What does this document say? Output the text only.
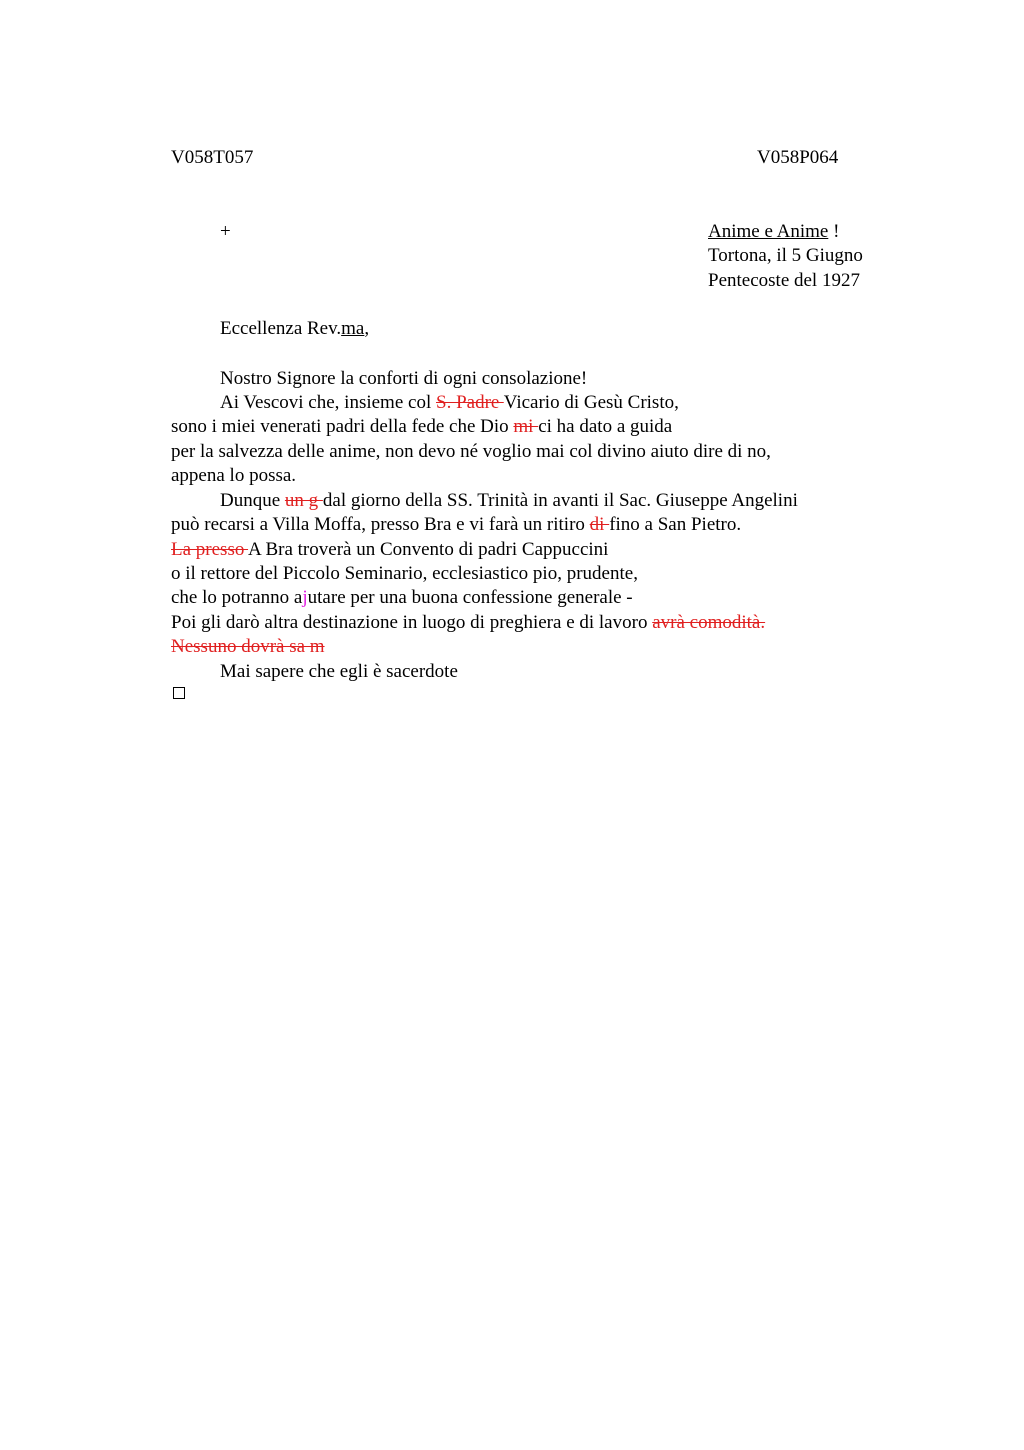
V058T057	V058P064
+	Anime e Anime !
Tortona, il 5 Giugno
Pentecoste del 1927
Eccellenza Rev.ma,
Nostro Signore la conforti di ogni consolazione!
Ai Vescovi che, insieme col S. Padre Vicario di Gesù Cristo,
sono i miei venerati padri della fede che Dio mi ci ha dato a guida
per la salvezza delle anime, non devo né voglio mai col divino aiuto dire di no,
appena lo possa.
Dunque un g dal giorno della SS. Trinità in avanti il Sac. Giuseppe Angelini
può recarsi a Villa Moffa, presso Bra e vi farà un ritiro di fino a San Pietro.
La presso A Bra troverà un Convento di padri Cappuccini
o il rettore del Piccolo Seminario, ecclesiastico pio, prudente,
che lo potranno ajutare per una buona confessione generale -
Poi gli darò altra destinazione in luogo di preghiera e di lavoro avrà comodità.
Nessuno dovrà sa m
Mai sapere che egli è sacerdote
